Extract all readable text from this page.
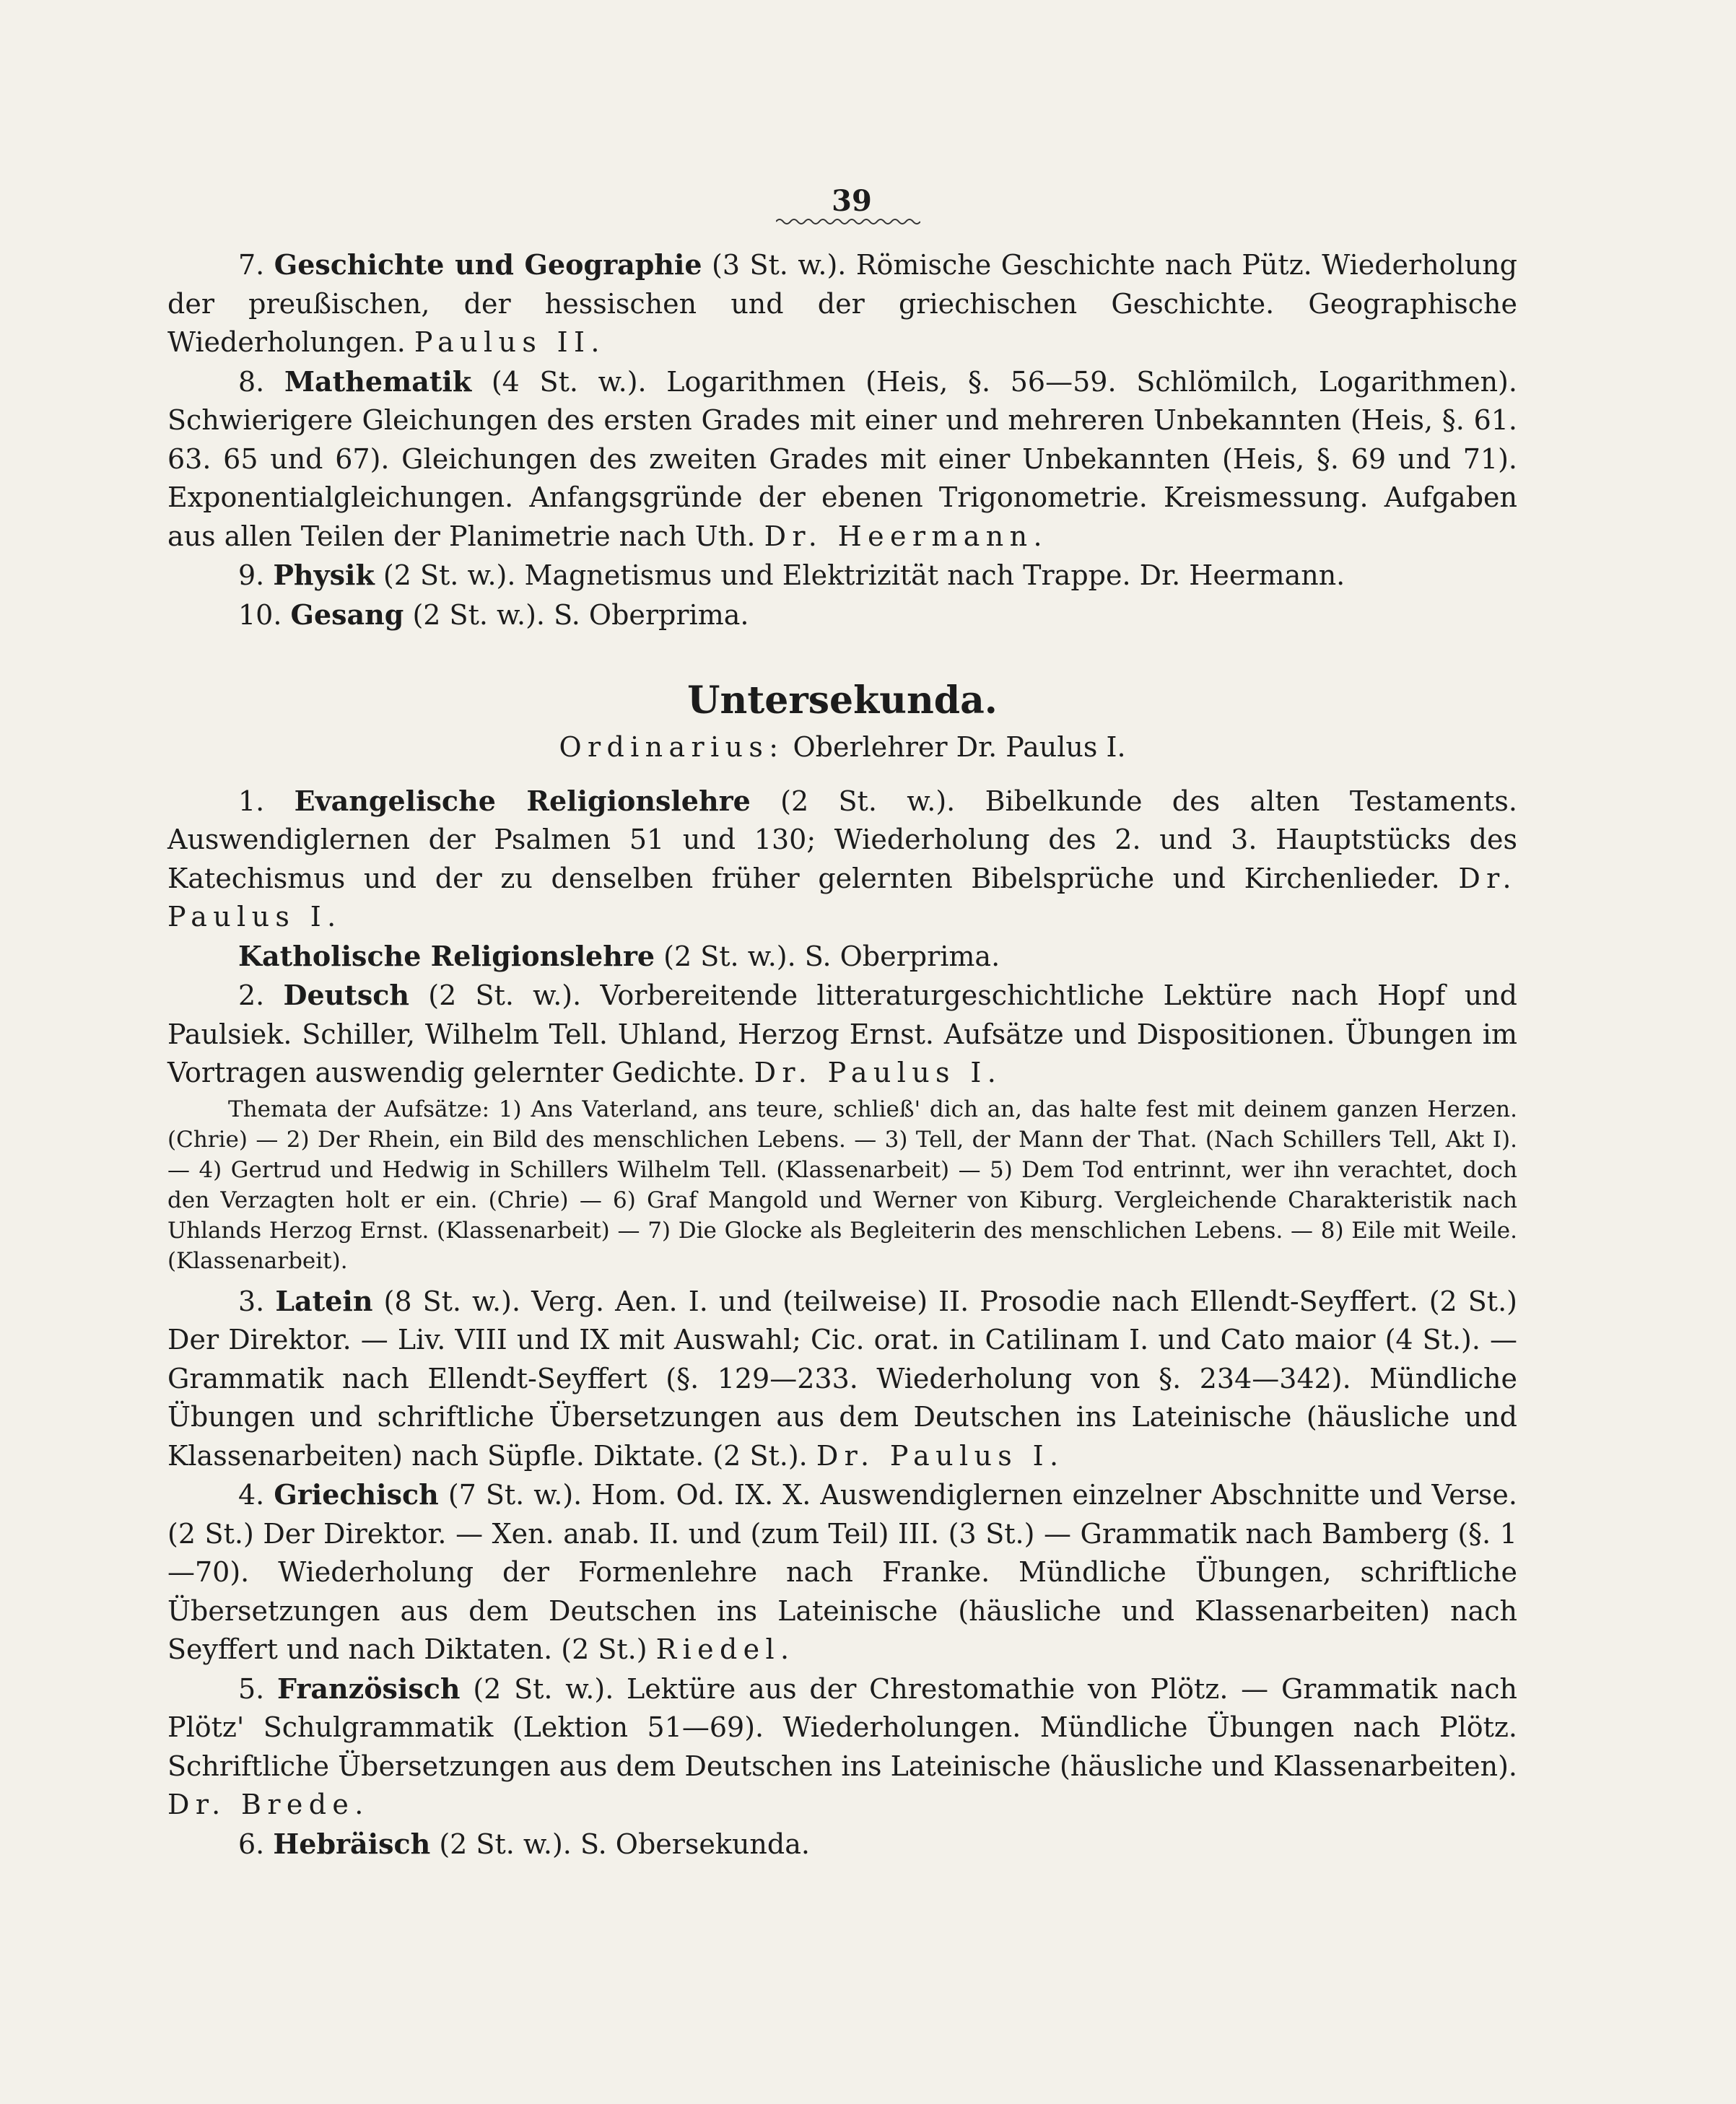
39

7. Geschichte und Geographie (3 St. w.). Römische Geschichte nach Pütz. Wiederholung der preußischen, der hessischen und der griechischen Geschichte. Geographische Wiederholungen. Paulus II.

8. Mathematik (4 St. w.). Logarithmen (Heis, §. 56—59. Schlömilch, Logarithmen). Schwierigere Gleichungen des ersten Grades mit einer und mehreren Unbekannten (Heis, §. 61. 63. 65 und 67). Gleichungen des zweiten Grades mit einer Unbekannten (Heis, §. 69 und 71). Exponentialgleichungen. Anfangsgründe der ebenen Trigonometrie. Kreismessung. Aufgaben aus allen Teilen der Planimetrie nach Uth. Dr. Heermann.

9. Physik (2 St. w.). Magnetismus und Elektrizität nach Trappe. Dr. Heermann.

10. Gesang (2 St. w.). S. Oberprima.

Untersekunda.
Ordinarius: Oberlehrer Dr. Paulus I.

1. Evangelische Religionslehre (2 St. w.). Bibelkunde des alten Testaments. Auswendiglernen der Psalmen 51 und 130; Wiederholung des 2. und 3. Hauptstücks des Katechismus und der zu denselben früher gelernten Bibelsprüche und Kirchenlieder. Dr. Paulus I.

Katholische Religionslehre (2 St. w.). S. Oberprima.

2. Deutsch (2 St. w.). Vorbereitende litteraturgeschichtliche Lektüre nach Hopf und Paulsiek. Schiller, Wilhelm Tell. Uhland, Herzog Ernst. Aufsätze und Dispositionen. Übungen im Vortragen auswendig gelernter Gedichte. Dr. Paulus I.

Themata der Aufsätze: 1) Ans Vaterland, ans teure, schließ' dich an, das halte fest mit deinem ganzen Herzen. (Chrie) — 2) Der Rhein, ein Bild des menschlichen Lebens. — 3) Tell, der Mann der That. (Nach Schillers Tell, Akt I). — 4) Gertrud und Hedwig in Schillers Wilhelm Tell. (Klassenarbeit) — 5) Dem Tod entrinnt, wer ihn verachtet, doch den Verzagten holt er ein. (Chrie) — 6) Graf Mangold und Werner von Kiburg. Vergleichende Charakteristik nach Uhlands Herzog Ernst. (Klassenarbeit) — 7) Die Glocke als Begleiterin des menschlichen Lebens. — 8) Eile mit Weile. (Klassenarbeit).

3. Latein (8 St. w.). Verg. Aen. I. und (teilweise) II. Prosodie nach Ellendt-Seyffert. (2 St.) Der Direktor. — Liv. VIII und IX mit Auswahl; Cic. orat. in Catilinam I. und Cato maior (4 St.). — Grammatik nach Ellendt-Seyffert (§. 129—233. Wiederholung von §. 234—342). Mündliche Übungen und schriftliche Übersetzungen aus dem Deutschen ins Lateinische (häusliche und Klassenarbeiten) nach Süpfle. Diktate. (2 St.). Dr. Paulus I.

4. Griechisch (7 St. w.). Hom. Od. IX. X. Auswendiglernen einzelner Abschnitte und Verse. (2 St.) Der Direktor. — Xen. anab. II. und (zum Teil) III. (3 St.) — Grammatik nach Bamberg (§. 1—70). Wiederholung der Formenlehre nach Franke. Mündliche Übungen, schriftliche Übersetzungen aus dem Deutschen ins Lateinische (häusliche und Klassenarbeiten) nach Seyffert und nach Diktaten. (2 St.) Riedel.

5. Französisch (2 St. w.). Lektüre aus der Chrestomathie von Plötz. — Grammatik nach Plötz' Schulgrammatik (Lektion 51—69). Wiederholungen. Mündliche Übungen nach Plötz. Schriftliche Übersetzungen aus dem Deutschen ins Lateinische (häusliche und Klassenarbeiten). Dr. Brede.

6. Hebräisch (2 St. w.). S. Obersekunda.
